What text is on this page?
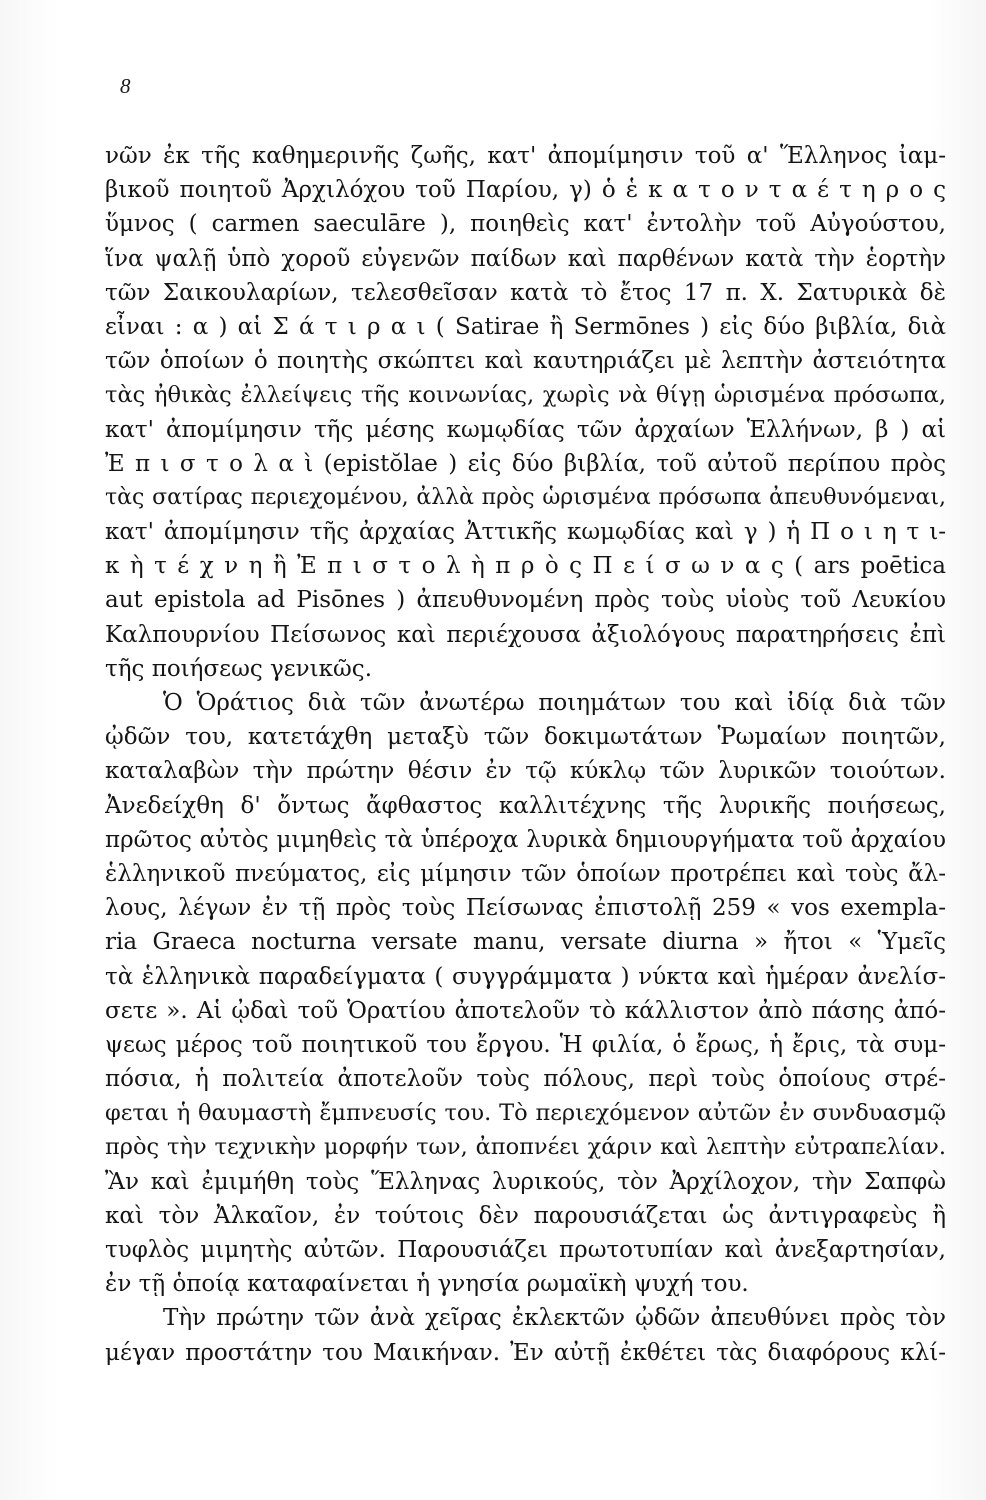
8
νῶν ἐκ τῆς καθημερινῆς ζωῆς, κατ' ἀπομίμησιν τοῦ α' Ἕλληνος ἰαμ-
βικοῦ ποιητοῦ Ἀρχιλόχου τοῦ Παρίου, γ) ὁ ἑ κ α τ ο ν τ α έ τ η ρ ο ς
ὕμνος ( carmen saeculāre ), ποιηθεὶς κατ' ἐντολὴν τοῦ Αὐγούστου,
ἵνα ψαλῇ ὑπὸ χοροῦ εὐγενῶν παίδων καὶ παρθένων κατὰ τὴν ἑορτὴν
τῶν Σαικουλαρίων, τελεσθεῖσαν κατὰ τὸ ἔτος 17 π. Χ. Σατυρικὰ δὲ
εἶναι : α ) αἱ Σ ά τ ι ρ α ι ( Satirae ἢ Sermōnes ) εἰς δύο βιβλία, διὰ
τῶν ὁποίων ὁ ποιητὴς σκώπτει καὶ καυτηριάζει μὲ λεπτὴν ἀστειότητα
τὰς ἠθικὰς ἐλλείψεις τῆς κοινωνίας, χωρὶς νὰ θίγῃ ὡρισμένα πρόσωπα,
κατ' ἀπομίμησιν τῆς μέσης κωμῳδίας τῶν ἀρχαίων Ἑλλήνων, β ) αἱ
Ἐ π ι σ τ ο λ α ὶ (epistŏlae ) εἰς δύο βιβλία, τοῦ αὐτοῦ περίπου πρὸς
τὰς σατίρας περιεχομένου, ἀλλὰ πρὸς ὡρισμένα πρόσωπα ἀπευθυνόμεναι,
κατ' ἀπομίμησιν τῆς ἀρχαίας Ἀττικῆς κωμῳδίας καὶ γ ) ἡ Π ο ι η τ ι-
κ ὴ τ έ χ ν η ἢ Ἐ π ι σ τ ο λ ὴ π ρ ὸ ς Π ε ί σ ω ν α ς ( ars poētica
aut epistola ad Pisōnes ) ἀπευθυνομένη πρὸς τοὺς υἱοὺς τοῦ Λευκίου
Καλπουρνίου Πείσωνος καὶ περιέχουσα ἀξιολόγους παρατηρήσεις ἐπὶ
τῆς ποιήσεως γενικῶς.
Ὁ Ὁράτιος διὰ τῶν ἀνωτέρω ποιημάτων του καὶ ἰδίᾳ διὰ τῶν
ᾠδῶν του, κατετάχθη μεταξὺ τῶν δοκιμωτάτων Ῥωμαίων ποιητῶν,
καταλαβὼν τὴν πρώτην θέσιν ἐν τῷ κύκλῳ τῶν λυρικῶν τοιούτων.
Ἀνεδείχθη δ' ὄντως ἄφθαστος καλλιτέχνης τῆς λυρικῆς ποιήσεως,
πρῶτος αὐτὸς μιμηθεὶς τὰ ὑπέροχα λυρικὰ δημιουργήματα τοῦ ἀρχαίου
ἑλληνικοῦ πνεύματος, εἰς μίμησιν τῶν ὁποίων προτρέπει καὶ τοὺς ἄλ-
λους, λέγων ἐν τῇ πρὸς τοὺς Πείσωνας ἐπιστολῇ 259 « vos exempla-
ria Graeca nocturna versate manu, versate diurna » ἤτοι « Ὑμεῖς
τὰ ἑλληνικὰ παραδείγματα ( συγγράμματα ) νύκτα καὶ ἡμέραν ἀνελίσ-
σετε ». Αἱ ᾠδαὶ τοῦ Ὁρατίου ἀποτελοῦν τὸ κάλλιστον ἀπὸ πάσης ἀπό-
ψεως μέρος τοῦ ποιητικοῦ του ἔργου. Ἡ φιλία, ὁ ἔρως, ἡ ἔρις, τὰ συμ-
πόσια, ἡ πολιτεία ἀποτελοῦν τοὺς πόλους, περὶ τοὺς ὁποίους στρέ-
φεται ἡ θαυμαστὴ ἔμπνευσίς του. Τὸ περιεχόμενον αὐτῶν ἐν συνδυασμῷ
πρὸς τὴν τεχνικὴν μορφήν των, ἀποπνέει χάριν καὶ λεπτὴν εὐτραπελίαν.
Ἂν καὶ ἐμιμήθη τοὺς Ἕλληνας λυρικούς, τὸν Ἀρχίλοχον, τὴν Σαπφὼ
καὶ τὸν Ἀλκαῖον, ἐν τούτοις δὲν παρουσιάζεται ὡς ἀντιγραφεὺς ἢ
τυφλὸς μιμητὴς αὐτῶν. Παρουσιάζει πρωτοτυπίαν καὶ ἀνεξαρτησίαν,
ἐν τῇ ὁποίᾳ καταφαίνεται ἡ γνησία ρωμαϊκὴ ψυχή του.
Τὴν πρώτην τῶν ἀνὰ χεῖρας ἐκλεκτῶν ᾠδῶν ἀπευθύνει πρὸς τὸν
μέγαν προστάτην του Μαικήναν. Ἐν αὐτῇ ἐκθέτει τὰς διαφόρους κλί-
